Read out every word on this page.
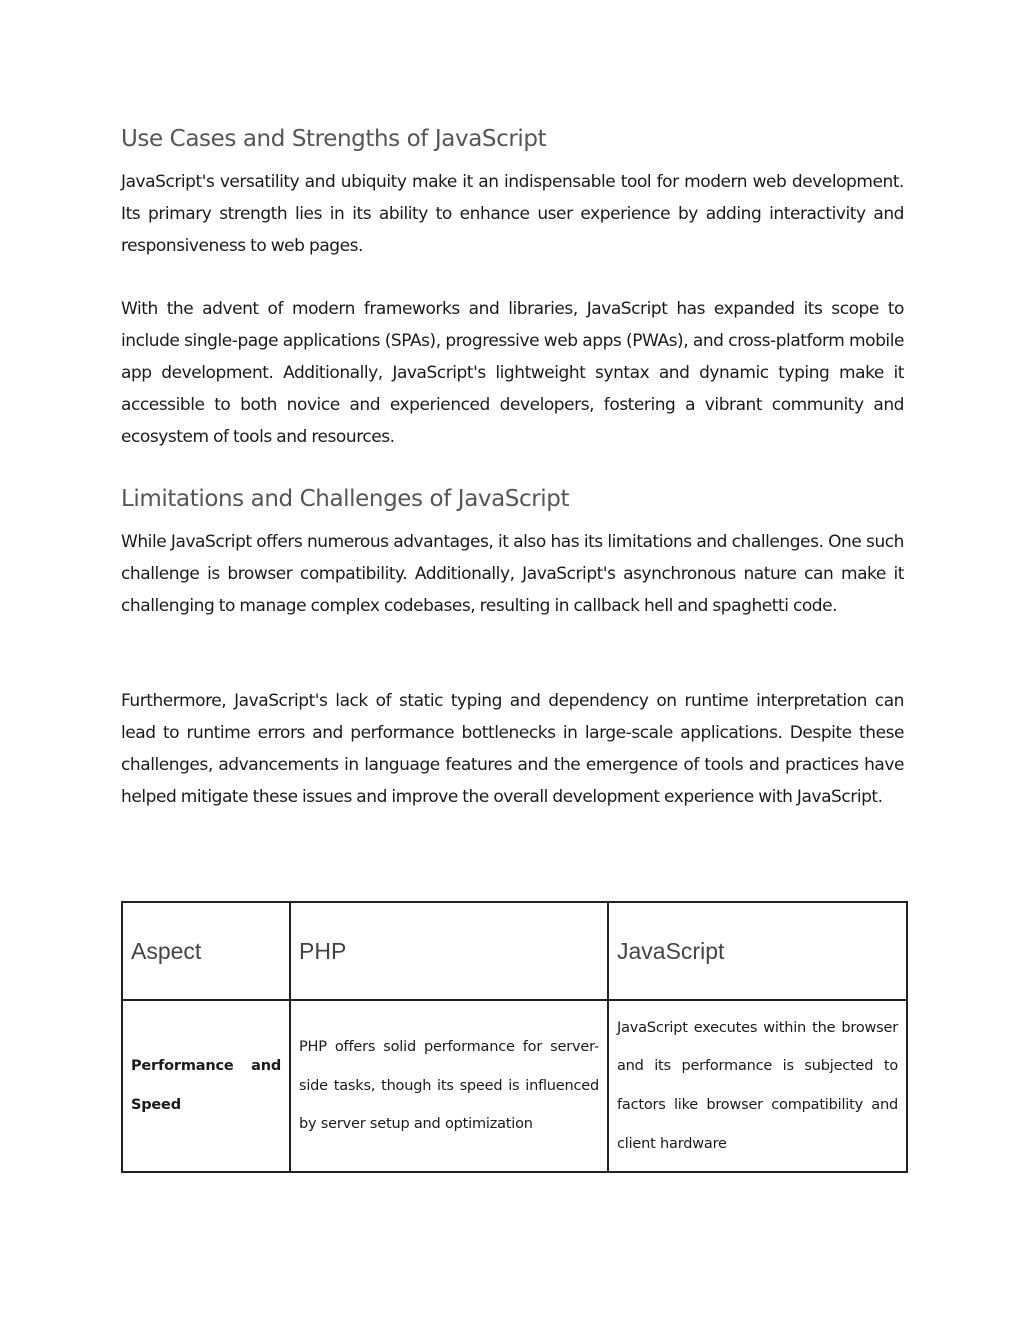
Use Cases and Strengths of JavaScript

JavaScript's versatility and ubiquity make it an indispensable tool for modern web development. Its primary strength lies in its ability to enhance user experience by adding interactivity and responsiveness to web pages.

With the advent of modern frameworks and libraries, JavaScript has expanded its scope to include single-page applications (SPAs), progressive web apps (PWAs), and cross-platform mobile app development. Additionally, JavaScript's lightweight syntax and dynamic typing make it accessible to both novice and experienced developers, fostering a vibrant community and ecosystem of tools and resources.

Limitations and Challenges of JavaScript

While JavaScript offers numerous advantages, it also has its limitations and challenges. One such challenge is browser compatibility. Additionally, JavaScript's asynchronous nature can make it challenging to manage complex codebases, resulting in callback hell and spaghetti code.

Furthermore, JavaScript's lack of static typing and dependency on runtime interpretation can lead to runtime errors and performance bottlenecks in large-scale applications. Despite these challenges, advancements in language features and the emergence of tools and practices have helped mitigate these issues and improve the overall development experience with JavaScript.

Aspect	PHP	JavaScript
Performance and Speed	PHP offers solid performance for server-side tasks, though its speed is influenced by server setup and optimization	JavaScript executes within the browser and its performance is subjected to factors like browser compatibility and client hardware
